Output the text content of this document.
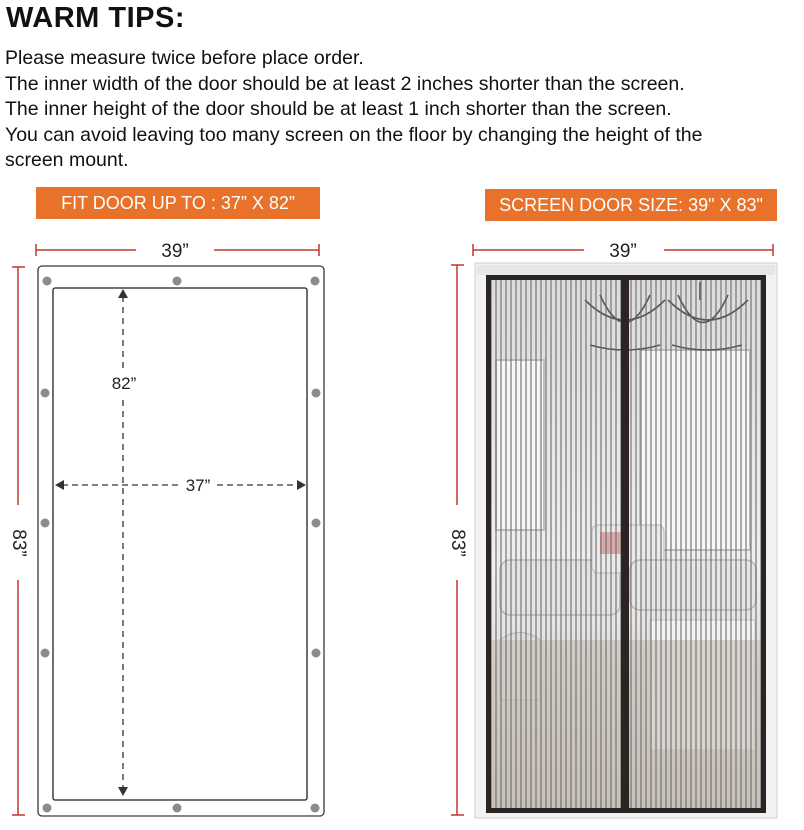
WARM TIPS:
Please measure twice before place order.
The inner width of the door should be at least 2 inches shorter than the screen.
The inner height of the door should be at least 1 inch shorter than the screen.
You can avoid leaving too many screen on the floor by changing the height of the
screen mount.
FIT DOOR UP TO : 37” X 82”	SCREEN DOOR SIZE: 39" X 83"
39”
83”
82”
37”
39”
83”
